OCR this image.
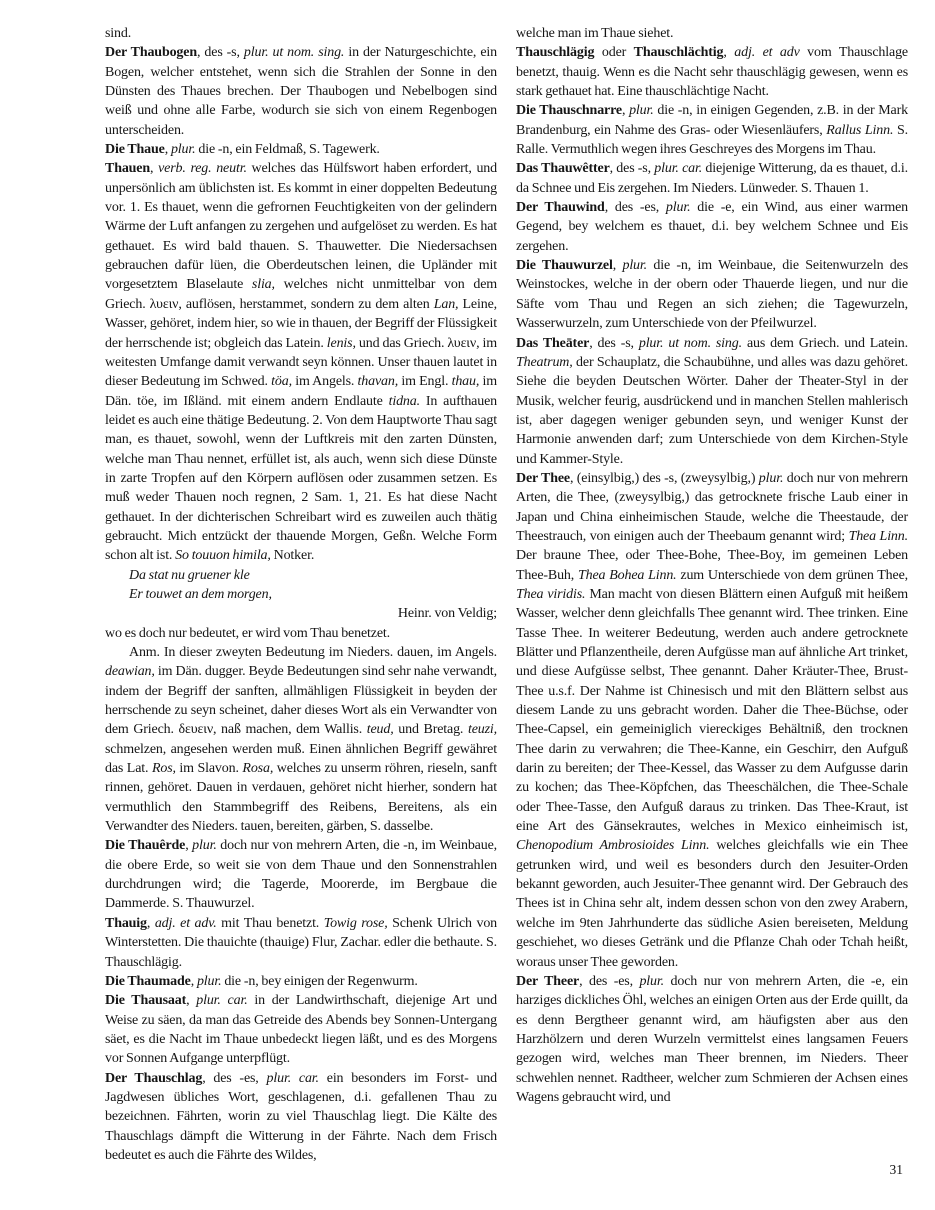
sind.

Der Thaubogen, des -s, plur. ut nom. sing. in der Naturgeschichte, ein Bogen, welcher entstehet, wenn sich die Strahlen der Sonne in den Dünsten des Thaues brechen. Der Thaubogen und Nebelbogen sind weiß und ohne alle Farbe, wodurch sie sich von einem Regenbogen unterscheiden.

Die Thaue, plur. die -n, ein Feldmaß, S. Tagewerk.

Thauen, verb. reg. neutr. welches das Hülfswort haben erfordert, und unpersönlich am üblichsten ist. Es kommt in einer doppelten Bedeutung vor. 1. Es thauet, wenn die gefrornen Feuchtigkeiten von der gelindern Wärme der Luft anfangen zu zergehen und aufgelöset zu werden. Es hat gethauet. Es wird bald thauen. S. Thauwetter. Die Niedersachsen gebrauchen dafür lüen, die Oberdeutschen leinen, die Upländer mit vorgesetztem Blaselaute slia, welches nicht unmittelbar von dem Griech. λυειν, auflösen, herstammet, sondern zu dem alten Lan, Leine, Wasser, gehöret, indem hier, so wie in thauen, der Begriff der Flüssigkeit der herrschende ist; obgleich das Latein. lenis, und das Griech. λυειν, im weitesten Umfange damit verwandt seyn können. Unser thauen lautet in dieser Bedeutung im Schwed. töa, im Angels. thavan, im Engl. thau, im Dän. töe, im Ißländ. mit einem andern Endlaute tidna. In aufthauen leidet es auch eine thätige Bedeutung. 2. Von dem Hauptworte Thau sagt man, es thauet, sowohl, wenn der Luftkreis mit den zarten Dünsten, welche man Thau nennet, erfüllet ist, als auch, wenn sich diese Dünste in zarte Tropfen auf den Körpern auflösen oder zusammen setzen. Es muß weder Thauen noch regnen, 2 Sam. 1, 21. Es hat diese Nacht gethauet. In der dichterischen Schreibart wird es zuweilen auch thätig gebraucht. Mich entzückt der thauende Morgen, Geßn. Welche Form schon alt ist. So touuon himila, Notker.

Da stat nu gruener kle

Er touwet an dem morgen,

Heinr. von Veldig;

wo es doch nur bedeutet, er wird vom Thau benetzet.

Anm. In dieser zweyten Bedeutung im Nieders. dauen, im Angels. deawian, im Dän. dugger. Beyde Bedeutungen sind sehr nahe verwandt, indem der Begriff der sanften, allmähligen Flüssigkeit in beyden der herrschende zu seyn scheinet, daher dieses Wort als ein Verwandter von dem Griech. δευειν, naß machen, dem Wallis. teud, und Bretag. teuzi, schmelzen, angesehen werden muß. Einen ähnlichen Begriff gewähret das Lat. Ros, im Slavon. Rosa, welches zu unserm röhren, rieseln, sanft rinnen, gehöret. Dauen in verdauen, gehöret nicht hierher, sondern hat vermuthlich den Stammbegriff des Reibens, Bereitens, als ein Verwandter des Nieders. tauen, bereiten, gärben, S. dasselbe.

Die Thauêrde, plur. doch nur von mehrern Arten, die -n, im Weinbaue, die obere Erde, so weit sie von dem Thaue und den Sonnenstrahlen durchdrungen wird; die Tagerde, Moorerde, im Bergbaue die Dammerde. S. Thauwurzel.

Thauig, adj. et adv. mit Thau benetzt. Towig rose, Schenk Ulrich von Winterstetten. Die thauichte (thauige) Flur, Zachar. edler die bethaute. S. Thauschlägig.

Die Thaumade, plur. die -n, bey einigen der Regenwurm.

Die Thausaat, plur. car. in der Landwirthschaft, diejenige Art und Weise zu säen, da man das Getreide des Abends bey Sonnen-Untergang säet, es die Nacht im Thaue unbedeckt liegen läßt, und es des Morgens vor Sonnen Aufgange unterpflügt.

Der Thauschlag, des -es, plur. car. ein besonders im Forst- und Jagdwesen übliches Wort, geschlagenen, d.i. gefallenen Thau zu bezeichnen. Fährten, worin zu viel Thauschlag liegt. Die Kälte des Thauschlags dämpft die Witterung in der Fährte. Nach dem Frisch bedeutet es auch die Fährte des Wildes,

welche man im Thaue siehet.

Thauschlägig oder Thauschlächtig, adj. et adv vom Thauschlage benetzt, thauig. Wenn es die Nacht sehr thauschlägig gewesen, wenn es stark gethauet hat. Eine thauschlächtige Nacht.

Die Thauschnarre, plur. die -n, in einigen Gegenden, z.B. in der Mark Brandenburg, ein Nahme des Gras- oder Wiesenläufers, Rallus Linn. S. Ralle. Vermuthlich wegen ihres Geschreyes des Morgens im Thau.

Das Thauwêtter, des -s, plur. car. diejenige Witterung, da es thauet, d.i. da Schnee und Eis zergehen. Im Nieders. Lünweder. S. Thauen 1.

Der Thauwind, des -es, plur. die -e, ein Wind, aus einer warmen Gegend, bey welchem es thauet, d.i. bey welchem Schnee und Eis zergehen.

Die Thauwurzel, plur. die -n, im Weinbaue, die Seitenwurzeln des Weinstockes, welche in der obern oder Thauerde liegen, und nur die Säfte vom Thau und Regen an sich ziehen; die Tagewurzeln, Wasserwurzeln, zum Unterschiede von der Pfeilwurzel.

Das Theāter, des -s, plur. ut nom. sing. aus dem Griech. und Latein. Theatrum, der Schauplatz, die Schaubühne, und alles was dazu gehöret. Siehe die beyden Deutschen Wörter. Daher der Theater-Styl in der Musik, welcher feurig, ausdrückend und in manchen Stellen mahlerisch ist, aber dagegen weniger gebunden seyn, und weniger Kunst der Harmonie anwenden darf; zum Unterschiede von dem Kirchen-Style und Kammer-Style.

Der Thee, (einsylbig,) des -s, (zweysylbig,) plur. doch nur von mehrern Arten, die Thee, (zweysylbig,) das getrocknete frische Laub einer in Japan und China einheimischen Staude, welche die Theestaude, der Theestrauch, von einigen auch der Theebaum genannt wird; Thea Linn. Der braune Thee, oder Thee-Bohe, Thee-Boy, im gemeinen Leben Thee-Buh, Thea Bohea Linn. zum Unterschiede von dem grünen Thee, Thea viridis. Man macht von diesen Blättern einen Aufguß mit heißem Wasser, welcher denn gleichfalls Thee genannt wird. Thee trinken. Eine Tasse Thee. In weiterer Bedeutung, werden auch andere getrocknete Blätter und Pflanzentheile, deren Aufgüsse man auf ähnliche Art trinket, und diese Aufgüsse selbst, Thee genannt. Daher Kräuter-Thee, Brust-Thee u.s.f. Der Nahme ist Chinesisch und mit den Blättern selbst aus diesem Lande zu uns gebracht worden. Daher die Thee-Büchse, oder Thee-Capsel, ein gemeiniglich viereckiges Behältniß, den trocknen Thee darin zu verwahren; die Thee-Kanne, ein Geschirr, den Aufguß darin zu bereiten; der Thee-Kessel, das Wasser zu dem Aufgusse darin zu kochen; das Thee-Köpfchen, das Theeschälchen, die Thee-Schale oder Thee-Tasse, den Aufguß daraus zu trinken. Das Thee-Kraut, ist eine Art des Gänsekrautes, welches in Mexico einheimisch ist, Chenopodium Ambrosioides Linn. welches gleichfalls wie ein Thee getrunken wird, und weil es besonders durch den Jesuiter-Orden bekannt geworden, auch Jesuiter-Thee genannt wird. Der Gebrauch des Thees ist in China sehr alt, indem dessen schon von den zwey Arabern, welche im 9ten Jahrhunderte das südliche Asien bereiseten, Meldung geschiehet, wo dieses Getränk und die Pflanze Chah oder Tchah heißt, woraus unser Thee geworden.

Der Theer, des -es, plur. doch nur von mehrern Arten, die -e, ein harziges dickliches Öhl, welches an einigen Orten aus der Erde quillt, da es denn Bergtheer genannt wird, am häufigsten aber aus den Harzhölzern und deren Wurzeln vermittelst eines langsamen Feuers gezogen wird, welches man Theer brennen, im Nieders. Theer schwehlen nennet. Radtheer, welcher zum Schmieren der Achsen eines Wagens gebraucht wird, und

31
